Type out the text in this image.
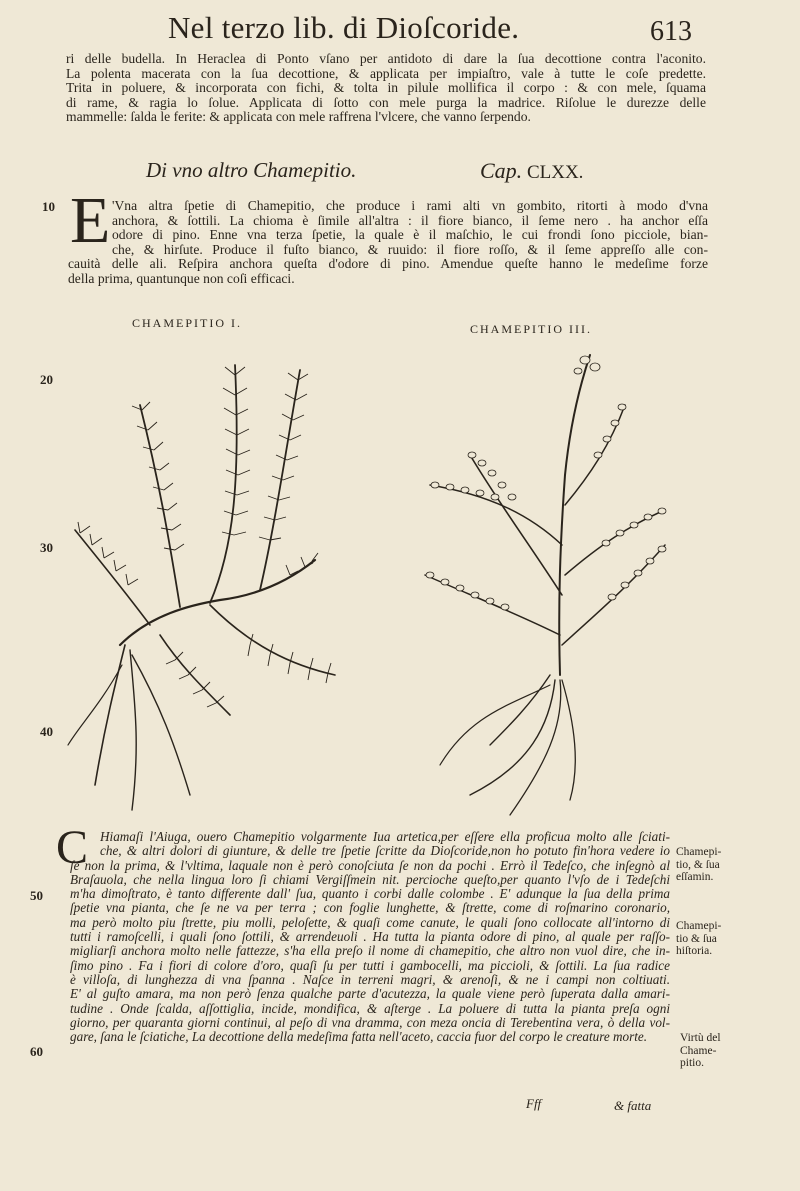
Nel terzo lib. di Dioſcoride.	613
ri delle budella. In Heraclea di Ponto vſano per antidoto di dare la ſua decottione contra l'aconito.
La polenta macerata con la ſua decottione, & applicata per impiaſtro, vale à tutte le coſe predette.
Trita in poluere, & incorporata con fichi, & tolta in pilule mollifica il corpo : & con mele, ſquama
di rame, & ragia lo ſolue. Applicata di ſotto con mele purga la madrice. Riſolue le durezze delle
mammelle: ſalda le ferite: & applicata con mele raffrena l'vlcere, che vanno ſerpendo.
Di vno altro Chamepitio.	Cap. CLXX.
10
20
30
40
50
60
E 'Vna altra ſpetie di Chamepitio, che produce i rami alti vn gombito, ritorti à modo d'vna
anchora, & ſottili. La chioma è ſimile all'altra : il fiore bianco, il ſeme nero . ha anchor eſſa
odore di pino. Enne vna terza ſpetie, la quale è il maſchio, le cui frondi ſono picciole, bian-
che, & hirſute. Produce il fuſto bianco, & ruuido: il fiore roſſo, & il ſeme appreſſo alle con-
cauità delle ali. Reſpira anchora queſta d'odore di pino. Amendue queſte hanno le medeſime forze
della prima, quantunque non coſi efficaci.
CHAMEPITIO I.	CHAMEPITIO III.
C Hiamaſi l'Aiuga, ouero Chamepitio volgarmente Iua artetica,per eſſere ella proficua molto alle ſciati-
che, & altri dolori di giunture, & delle tre ſpetie ſcritte da Dioſcoride,non ho potuto fin'hora vedere io
ſe non la prima, & l'vltima, laquale non è però conoſciuta ſe non da pochi . Errò il Tedeſco, che inſegnò al
Braſauola, che nella lingua loro ſi chiami Vergiſſmein nit. percioche queſto,per quanto l'vſo de i Tedeſchi
m'ha dimoſtrato, è tanto differente dall' ſua, quanto i corbi dalle colombe . E' adunque la ſua della prima
ſpetie vna pianta, che ſe ne va per terra ; con foglie lunghette, & ſtrette, come di roſmarino coronario,
ma però molto piu ſtrette, piu molli, peloſette, & quaſi come canute, le quali ſono collocate all'intorno di
tutti i ramoſcelli, i quali ſono ſottili, & arrendeuoli . Ha tutta la pianta odore di pino, al quale per raſſo-
migliarſi anchora molto nelle fattezze, s'ha ella preſo il nome di chamepitio, che altro non vuol dire, che in-
ſimo pino . Fa i fiori di colore d'oro, quaſi ſu per tutti i gambocelli, ma piccioli, & ſottili. La ſua radice
è villoſa, di lunghezza di vna ſpanna . Naſce in terreni magri, & arenoſi, & ne i campi non coltiuati.
E' al guſto amara, ma non però ſenza qualche parte d'acutezza, la quale viene però ſuperata dalla amari-
tudine . Onde ſcalda, aſſottiglia, incide, mondifica, & aſterge . La poluere di tutta la pianta preſa ogni
giorno, per quaranta giorni continui, al peſo di vna dramma, con meza oncia di Terebentina vera, ò della vol-
gare, ſana le ſciatiche, La decottione della medeſima fatta nell'aceto, caccia fuor del corpo le creature morte.
Chamepi-
tio, & ſua
eſſamin.
Chamepi-
tio & ſua
hiſtoria.
Virtù del
Chame-
pitio.
Fff	& fatta
